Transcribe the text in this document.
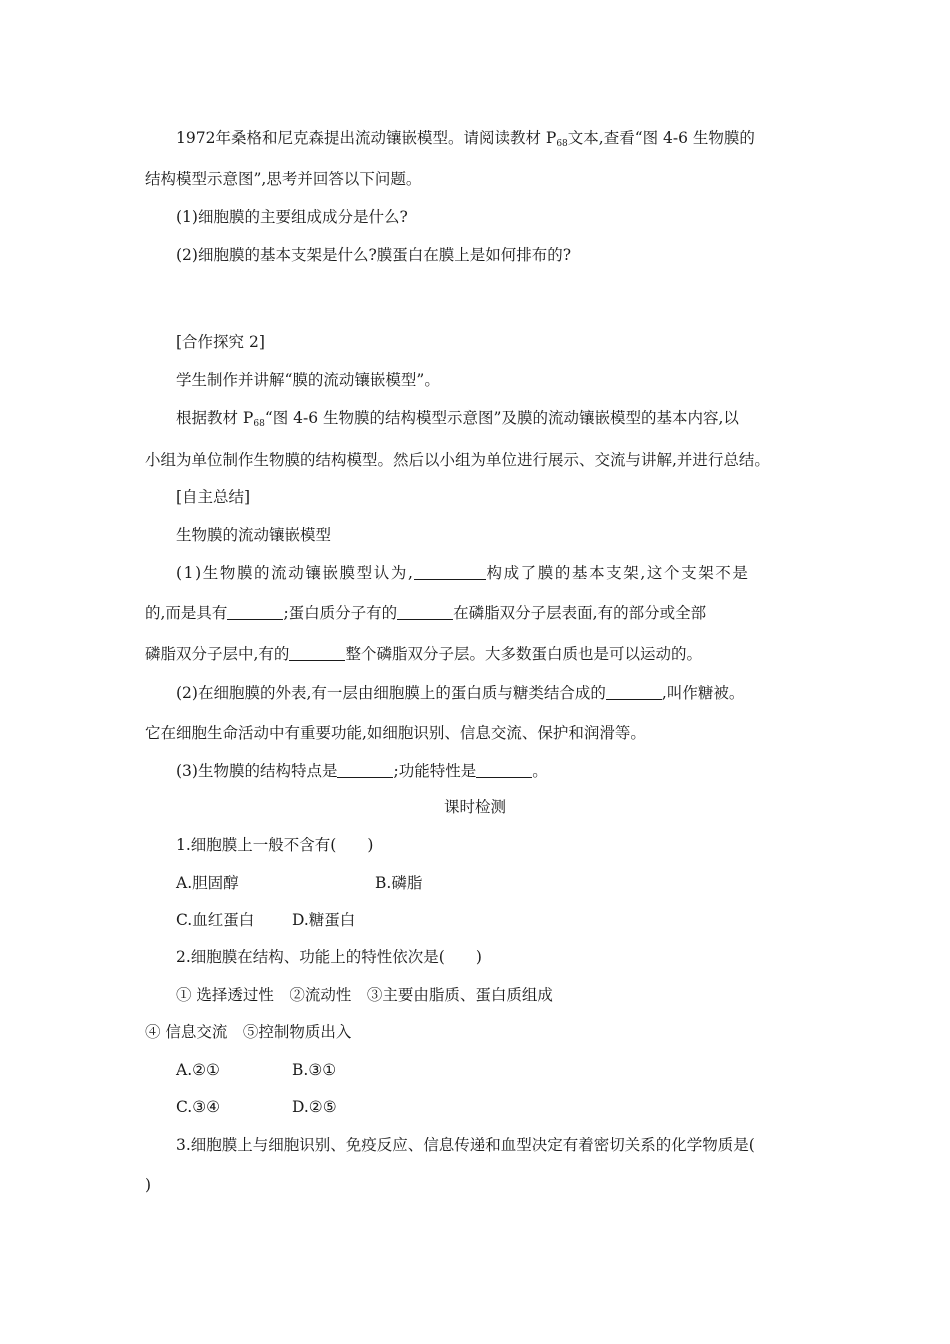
1972年桑格和尼克森提出流动镶嵌模型。请阅读教材 $P_{68}$文本,查看“图 4-6 生物膜的
结构模型示意图”,思考并回答以下问题。
(1)细胞膜的主要组成成分是什么?
(2)细胞膜的基本支架是什么?膜蛋白在膜上是如何排布的?
[合作探究 2]
学生制作并讲解“膜的流动镶嵌模型”。
根据教材 $P_{68}“$图 4-6 生物膜的结构模型示意图”及膜的流动镶嵌模型的基本内容,以
小组为单位制作生物膜的结构模型。然后以小组为单位进行展示、交流与讲解,并进行总结。
[自主总结]
生物膜的流动镶嵌模型
(1)生物膜的流动镶嵌膜型认为,	构成了膜的基本支架,这个支架不是
的,而是具有	;蛋白质分子有的	在磷脂双分子层表面,有的部分或全部
磷脂双分子层中,有的	整个磷脂双分子层。大多数蛋白质也是可以运动的。
(2)在细胞膜的外表,有一层由细胞膜上的蛋白质与糖类结合成的	,叫作糖被。
它在细胞生命活动中有重要功能,如细胞识别、信息交流、保护和润滑等。
(3)生物膜的结构特点是	;功能特性是	。
课时检测
1.细胞膜上一般不含有(　　)
A.胆固醇	B.磷脂
C.血红蛋白 D.糖蛋白
2.细胞膜在结构、功能上的特性依次是(　　)
① 选择透过性　②流动性　③主要由脂质、蛋白质组成
④ 信息交流　⑤控制物质出入
A.②①	B.③①
C.③④	D.②⑤
3.细胞膜上与细胞识别、免疫反应、信息传递和血型决定有着密切关系的化学物质是(
)
